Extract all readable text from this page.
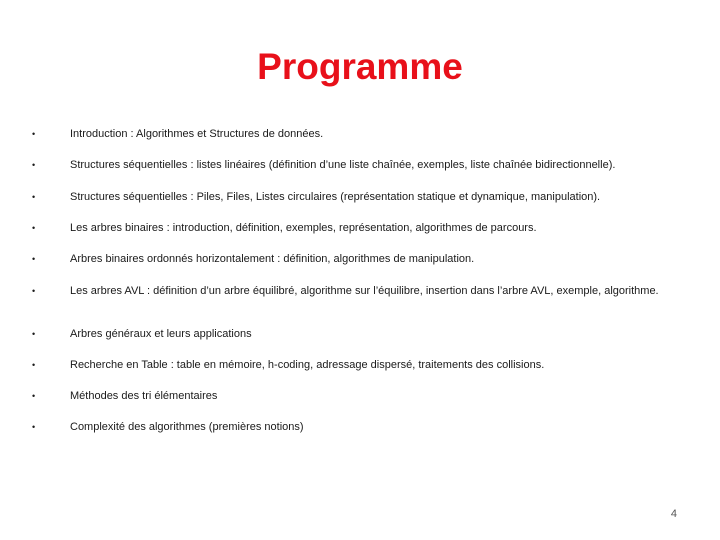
Programme
•	Introduction : Algorithmes et Structures de données.
•	Structures séquentielles : listes linéaires (définition d’une liste chaînée, exemples, liste chaînée bidirectionnelle).
•	Structures séquentielles : Piles, Files, Listes circulaires (représentation statique et dynamique, manipulation).
•	Les arbres binaires : introduction, définition, exemples, représentation, algorithmes de parcours.
•	Arbres binaires ordonnés horizontalement : définition, algorithmes de manipulation.
•	Les arbres AVL : définition d’un arbre équilibré, algorithme sur l’équilibre, insertion dans l’arbre AVL, exemple, algorithme.
•	Arbres généraux et leurs applications
•	Recherche en Table : table en mémoire, h-coding, adressage dispersé, traitements des collisions.
•	Méthodes des tri élémentaires
•	Complexité des algorithmes (premières notions)
4
